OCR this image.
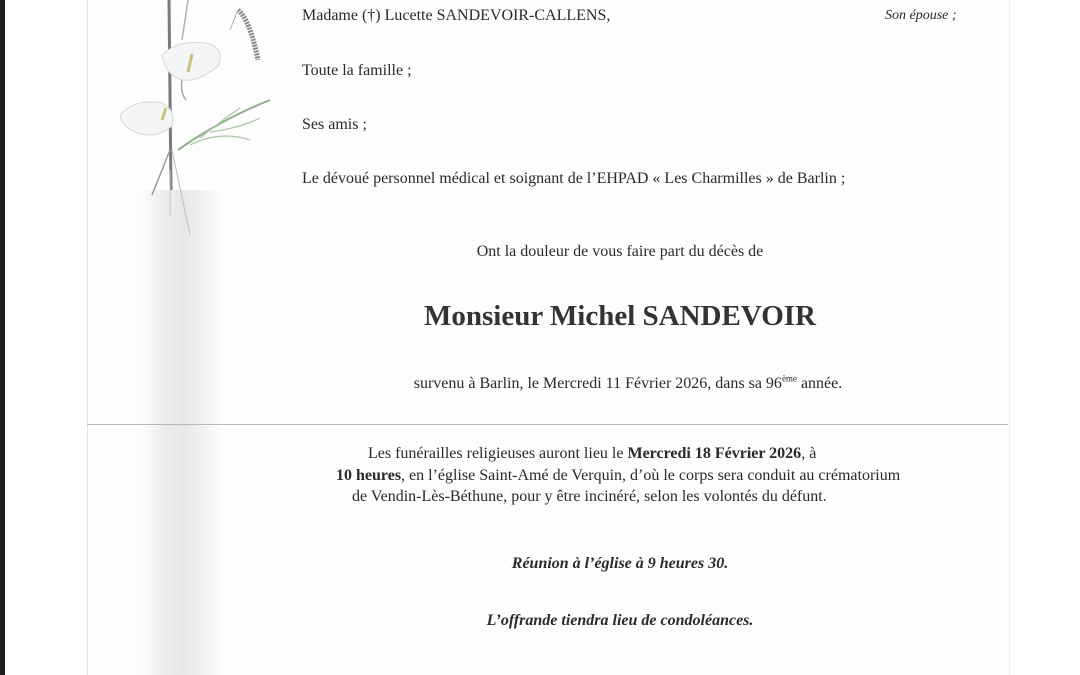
Madame (†) Lucette SANDEVOIR-CALLENS,	Son épouse ;
Toute la famille ;
Ses amis ;
Le dévoué personnel médical et soignant de l’EHPAD « Les Charmilles » de Barlin ;
Ont la douleur de vous faire part du décès de
Monsieur Michel SANDEVOIR
survenu à Barlin, le Mercredi 11 Février 2026, dans sa 96ème année.
Les funérailles religieuses auront lieu le Mercredi 18 Février 2026, à
10 heures, en l’église Saint-Amé de Verquin, d’où le corps sera conduit au crématorium de Vendin-Lès-Béthune, pour y être incinéré, selon les volontés du défunt.
Réunion à l’église à 9 heures 30.
L’offrande tiendra lieu de condoléances.
